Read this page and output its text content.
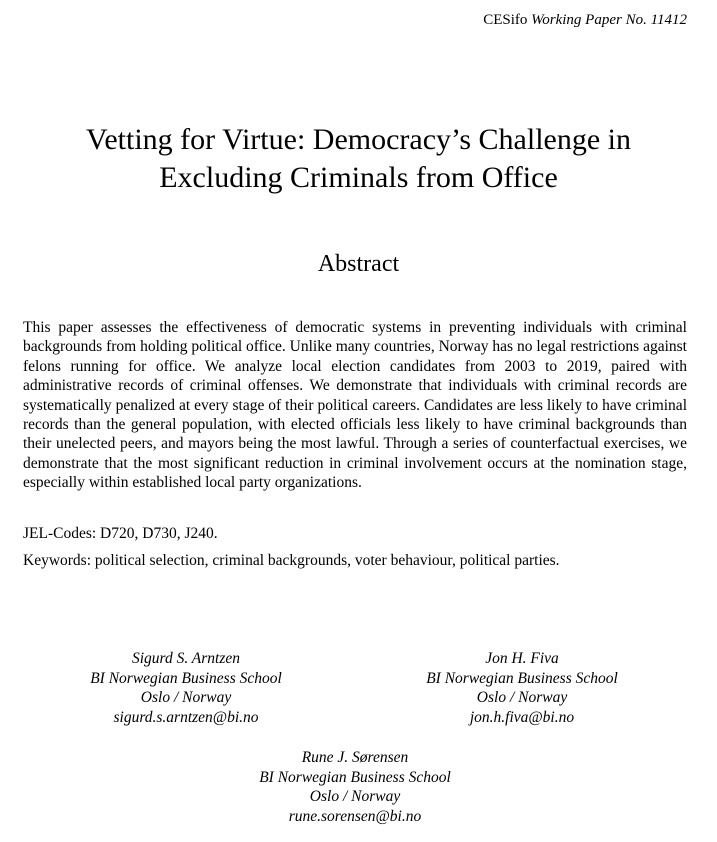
CESifo Working Paper No. 11412
Vetting for Virtue: Democracy’s Challenge in
Excluding Criminals from Office
Abstract

This paper assesses the effectiveness of democratic systems in preventing individuals with criminal backgrounds from holding political office. Unlike many countries, Norway has no legal restrictions against felons running for office. We analyze local election candidates from 2003 to 2019, paired with administrative records of criminal offenses. We demonstrate that individuals with criminal records are systematically penalized at every stage of their political careers. Candidates are less likely to have criminal records than the general population, with elected officials less likely to have criminal backgrounds than their unelected peers, and mayors being the most lawful. Through a series of counterfactual exercises, we demonstrate that the most significant reduction in criminal involvement occurs at the nomination stage, especially within established local party organizations.

JEL-Codes: D720, D730, J240.

Keywords: political selection, criminal backgrounds, voter behaviour, political parties.

Sigurd S. Arntzen
BI Norwegian Business School
Oslo / Norway
sigurd.s.arntzen@bi.no
Jon H. Fiva
BI Norwegian Business School
Oslo / Norway
jon.h.fiva@bi.no
Rune J. Sørensen
BI Norwegian Business School
Oslo / Norway
rune.sorensen@bi.no
